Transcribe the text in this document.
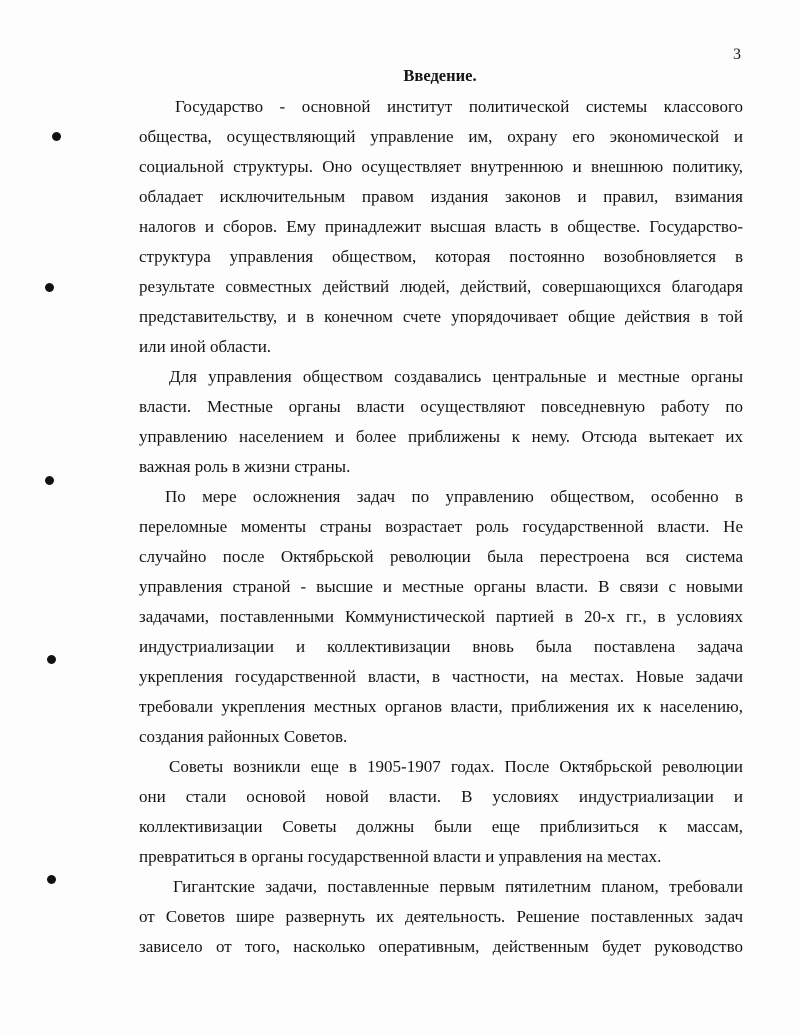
3
Введение.

Государство - основной институт политической системы классового
общества, осуществляющий управление им, охрану его экономической и
социальной структуры. Оно осуществляет внутреннюю и внешнюю политику,
обладает исключительным правом издания законов и правил, взимания
налогов и сборов. Ему принадлежит высшая власть в обществе. Государство-
структура управления обществом, которая постоянно возобновляется в
результате совместных действий людей, действий, совершающихся благодаря
представительству, и в конечном счете упорядочивает общие действия в той
или иной области.

Для управления обществом создавались центральные и местные органы
власти. Местные органы власти осуществляют повседневную работу по
управлению населением и более приближены к нему. Отсюда вытекает их
важная роль в жизни страны.

По мере осложнения задач по управлению обществом, особенно в
переломные моменты страны возрастает роль государственной власти. Не
случайно после Октябрьской революции была перестроена вся система
управления страной - высшие и местные органы власти. В связи с новыми
задачами, поставленными Коммунистической партией в 20-х гг., в условиях
индустриализации и коллективизации вновь была поставлена задача
укрепления государственной власти, в частности, на местах. Новые задачи
требовали укрепления местных органов власти, приближения их к населению,
создания районных Советов.

Советы возникли еще в 1905-1907 годах. После Октябрьской революции
они стали основой новой власти. В условиях индустриализации и
коллективизации Советы должны были еще приблизиться к массам,
превратиться в органы государственной власти и управления на местах.

Гигантские задачи, поставленные первым пятилетним планом, требовали
от Советов шире развернуть их деятельность. Решение поставленных задач
зависело от того, насколько оперативным, действенным будет руководство
